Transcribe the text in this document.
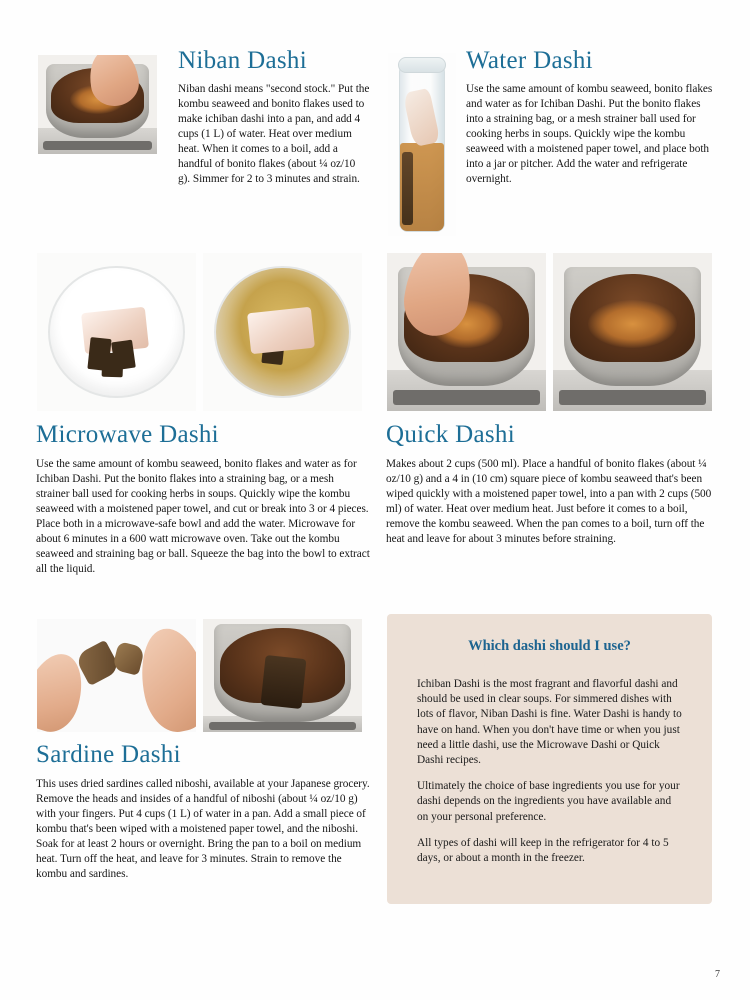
Niban Dashi

Niban dashi means "second stock." Put the kombu seaweed and bonito flakes used to make ichiban dashi into a pan, and add 4 cups (1 L) of water. Heat over medium heat. When it comes to a boil, add a handful of bonito flakes (about ¼ oz/10 g). Simmer for 2 to 3 minutes and strain.

Water Dashi

Use the same amount of kombu seaweed, bonito flakes and water as for Ichiban Dashi. Put the bonito flakes into a straining bag, or a mesh strainer ball used for cooking herbs in soups. Quickly wipe the kombu seaweed with a moistened paper towel, and place both into a jar or pitcher. Add the water and refrigerate overnight.

Microwave Dashi

Use the same amount of kombu seaweed, bonito flakes and water as for Ichiban Dashi. Put the bonito flakes into a straining bag, or a mesh strainer ball used for cooking herbs in soups. Quickly wipe the kombu seaweed with a moistened paper towel, and cut or break into 3 or 4 pieces. Place both in a microwave-safe bowl and add the water. Microwave for about 6 minutes in a 600 watt microwave oven. Take out the kombu seaweed and straining bag or ball. Squeeze the bag into the bowl to extract all the liquid.

Quick Dashi

Makes about 2 cups (500 ml). Place a handful of bonito flakes (about ¼ oz/10 g) and a 4 in (10 cm) square piece of kombu seaweed that's been wiped quickly with a moistened paper towel, into a pan with 2 cups (500 ml) of water. Heat over medium heat. Just before it comes to a boil, remove the kombu seaweed. When the pan comes to a boil, turn off the heat and leave for about 3 minutes before straining.

Sardine Dashi

This uses dried sardines called niboshi, available at your Japanese grocery. Remove the heads and insides of a handful of niboshi (about ¼ oz/10 g) with your fingers. Put 4 cups (1 L) of water in a pan. Add a small piece of kombu that's been wiped with a moistened paper towel, and the niboshi. Soak for at least 2 hours or overnight. Bring the pan to a boil on medium heat. Turn off the heat, and leave for 3 minutes. Strain to remove the kombu and sardines.

Which dashi should I use?

Ichiban Dashi is the most fragrant and flavorful dashi and should be used in clear soups. For simmered dishes with lots of flavor, Niban Dashi is fine. Water Dashi is handy to have on hand. When you don't have time or when you just need a little dashi, use the Microwave Dashi or Quick Dashi recipes.

Ultimately the choice of base ingredients you use for your dashi depends on the ingredients you have available and on your personal preference.

All types of dashi will keep in the refrigerator for 4 to 5 days, or about a month in the freezer.

7
